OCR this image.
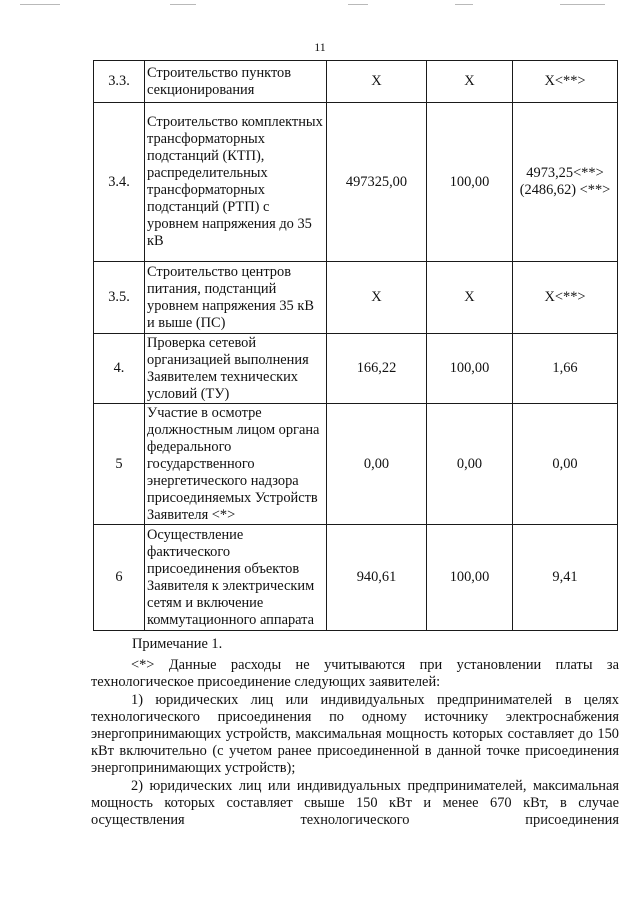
11
3.3.	Строительство пунктов секционирования	Х	Х	Х<**>
3.4.	Строительство комплектных трансформаторных подстанций (КТП), распределительных трансформаторных подстанций (РТП) с уровнем напряжения до 35 кВ	497325,00	100,00	4973,25<**>
(2486,62) <**>

3.5.	Строительство центров питания, подстанций уровнем напряжения 35 кВ и выше (ПС)	Х	Х	Х<**>
4.	Проверка сетевой организацией выполнения Заявителем технических условий (ТУ)	166,22	100,00	1,66
5	Участие в осмотре должностным лицом органа федерального государственного энергетического надзора присоединяемых Устройств Заявителя <*>	0,00	0,00	0,00
6	Осуществление фактического присоединения объектов Заявителя к электрическим сетям и включение коммутационного аппарата	940,61	100,00	9,41

Примечание 1.

<*> Данные расходы не учитываются при установлении платы за технологическое присоединение следующих заявителей:

1) юридических лиц или индивидуальных предпринимателей в целях технологического присоединения по одному источнику электроснабжения энергопринимающих устройств, максимальная мощность которых составляет до 150 кВт включительно (с учетом ранее присоединенной в данной точке присоединения энергопринимающих устройств);

2) юридических лиц или индивидуальных предпринимателей, максимальная мощность которых составляет свыше 150 кВт и менее 670 кВт, в случае осуществления технологического присоединения
